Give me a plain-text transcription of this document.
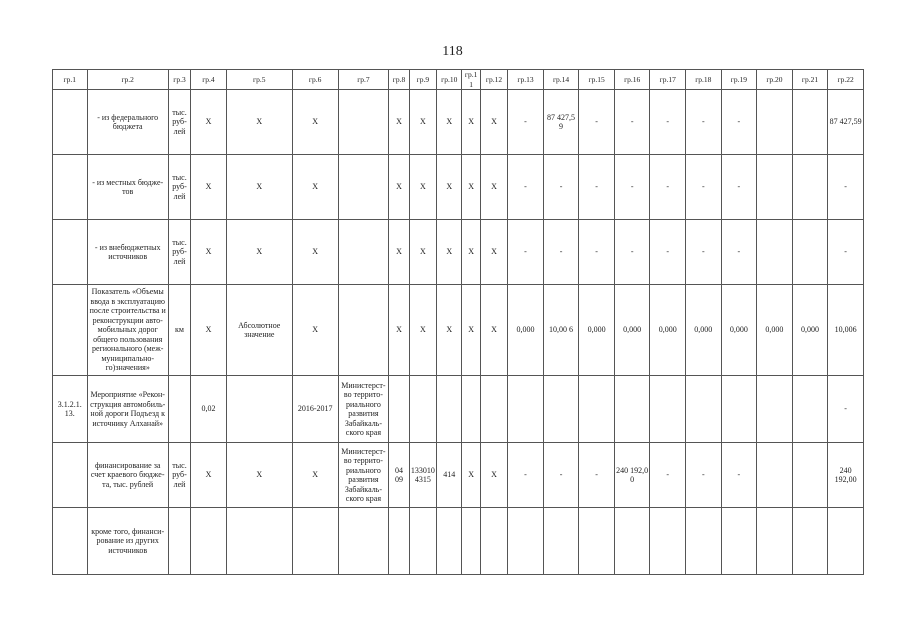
118
гр.1	гр.2	гр.3	гр.4	гр.5	гр.6	гр.7	гр.8	гр.9	гр.10	гр.11	гр.12	гр.13	гр.14	гр.15	гр.16	гр.17	гр.18	гр.19	гр.20	гр.21	гр.22
	- из федерального бюджета	тыс. руб- лей	X	X	X		X	X	X	X	X	-	87 427,5 9	-	-	-	-	-			87 427,59
	- из местных бюдже- тов	тыс. руб- лей	X	X	X		X	X	X	X	X	-	-	-	-	-	-	-			-
	- из внебюджетных источников	тыс. руб- лей	X	X	X		X	X	X	X	X	-	-	-	-	-	-	-			-
	Показатель «Объемы ввода в эксплуатацию после строительства и реконструкции авто- мобильных дорог общего пользования регионального (меж- муниципально- го)значения»	км	X	Абсолютное значение	X		X	X	X	X	X	0,000	10,00 6	0,000	0,000	0,000	0,000	0,000	0,000	0,000	10,006
3.1.2.1. 13.	Мероприятие «Рекон- струкция автомобиль- ной дороги Подъезд к источнику Алханай»		0,02		2016-2017	Министерст- во террито- риального развития Забайкаль- ского края															-
	финансирование за счет краевого бюдже- та, тыс. рублей	тыс. руб- лей	X	X	X	Министерст- во террито- риального развития Забайкаль- ского края	04 09	133010 4315	414	X	X	-	-	-	240 192,0 0	-	-	-			240 192,00
	кроме того, финанси- рование из других источников																				
